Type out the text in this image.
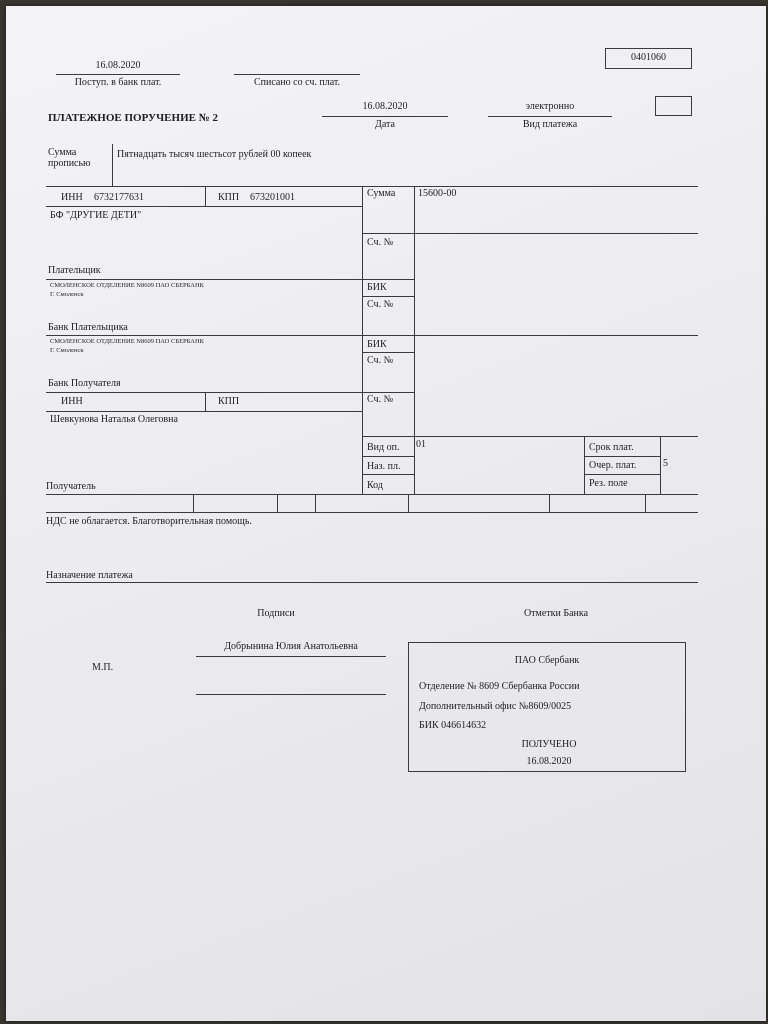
16.08.2020
Поступ. в банк плат.	Списано со сч. плат.
0401060
ПЛАТЕЖНОЕ ПОРУЧЕНИЕ № 2
16.08.2020
Дата
электронно
Вид платежа
Сумма
прописью
Пятнадцать тысяч шестьсот рублей 00 копеек
ИНН 6732177631	КПП 673201001	Сумма 15600-00
БФ "ДРУГИЕ ДЕТИ"
Сч. №
Плательщик
СМОЛЕНСКОЕ ОТДЕЛЕНИЕ N8609 ПАО СБЕРБАНК
Г. Смоленск
БИК
Сч. №
Банк Плательщика
СМОЛЕНСКОЕ ОТДЕЛЕНИЕ N8609 ПАО СБЕРБАНК
Г. Смоленск
БИК
Сч. №
Банк Получателя
ИНН	КПП	Сч. №
Шевкунова Наталья Олеговна
Вид оп. 01	Срок плат.
Наз. пл.	Очер. плат.	5
Код	Рез. поле
Получатель
НДС не облагается. Благотворительная помощь.
Назначение платежа
Подписи	Отметки Банка
Добрынина Юлия Анатольевна
М.П.
ПАО Сбербанк
Отделение № 8609 Сбербанка России
Дополнительный офис №8609/0025
БИК 046614632
ПОЛУЧЕНО
16.08.2020
